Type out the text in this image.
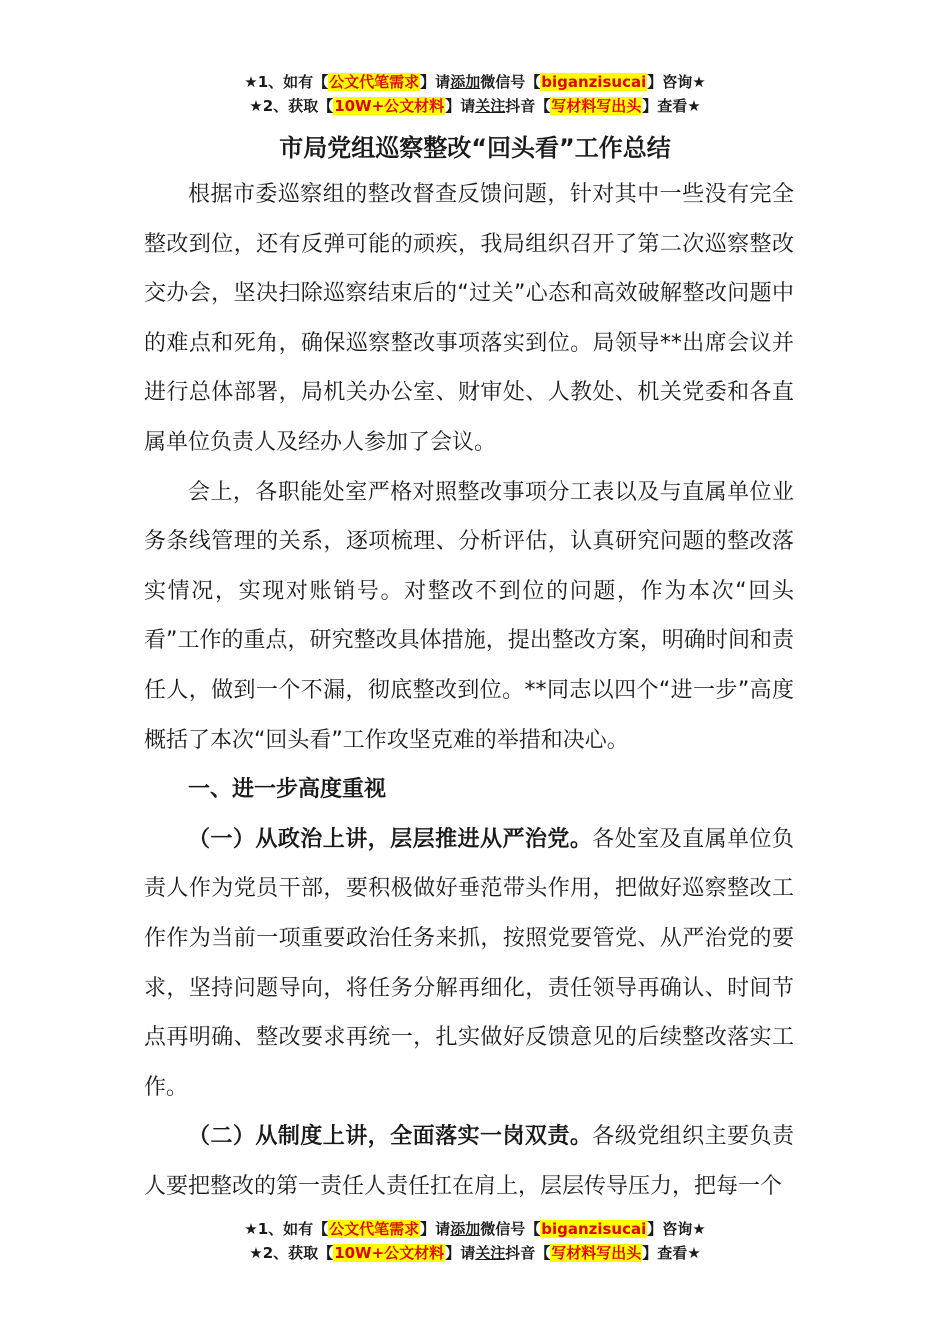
★1、如有【公文代笔需求】请添加微信号【biganzisucai】咨询★
★2、获取【10W+公文材料】请关注抖音【写材料写出头】查看★
市局党组巡察整改“回头看”工作总结

根据市委巡察组的整改督查反馈问题，针对其中一些没有完全整改到位，还有反弹可能的顽疾，我局组织召开了第二次巡察整改交办会，坚决扫除巡察结束后的“过关”心态和高效破解整改问题中的难点和死角，确保巡察整改事项落实到位。局领导**出席会议并进行总体部署，局机关办公室、财审处、人教处、机关党委和各直属单位负责人及经办人参加了会议。

会上，各职能处室严格对照整改事项分工表以及与直属单位业务条线管理的关系，逐项梳理、分析评估，认真研究问题的整改落实情况，实现对账销号。对整改不到位的问题，作为本次“回头看”工作的重点，研究整改具体措施，提出整改方案，明确时间和责任人，做到一个不漏，彻底整改到位。**同志以四个“进一步”高度概括了本次“回头看”工作攻坚克难的举措和决心。

一、进一步高度重视

（一）从政治上讲，层层推进从严治党。各处室及直属单位负责人作为党员干部，要积极做好垂范带头作用，把做好巡察整改工作作为当前一项重要政治任务来抓，按照党要管党、从严治党的要求，坚持问题导向，将任务分解再细化，责任领导再确认、时间节点再明确、整改要求再统一，扎实做好反馈意见的后续整改落实工作。

（二）从制度上讲，全面落实一岗双责。各级党组织主要负责人要把整改的第一责任人责任扛在肩上，层层传导压力，把每一个

★1、如有【公文代笔需求】请添加微信号【biganzisucai】咨询★
★2、获取【10W+公文材料】请关注抖音【写材料写出头】查看★
